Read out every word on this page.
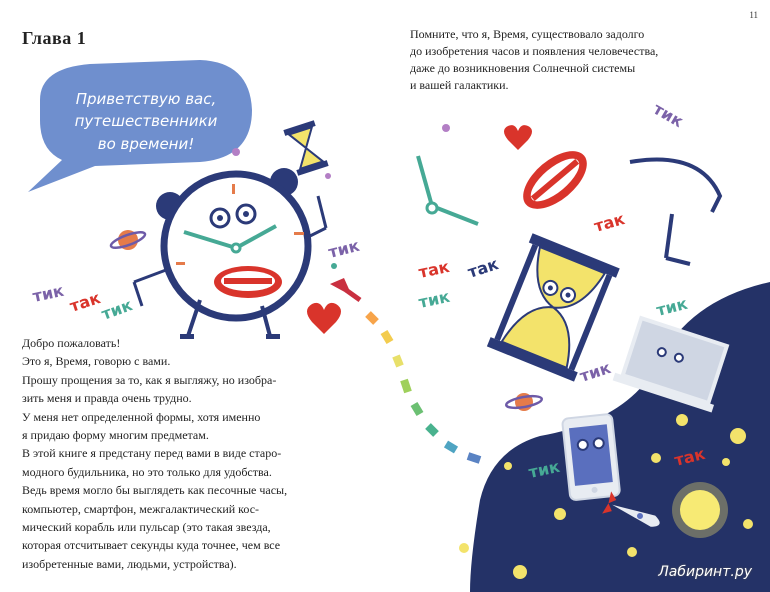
11
Глава 1	Помните, что я, Время, существовало задолго
до изобретения часов и появления человечества,
даже до возникновения Солнечной системы
и вашей галактики.
Приветствую вас,
путешественники
во времени!
тик
тик так
тик
тик
так
так так
тик	тик
тик
тик	так
Добро пожаловать!
Это я, Время, говорю с вами.
Прошу прощения за то, как я выгляжу, но изобра-
зить меня и правда очень трудно.
У меня нет определенной формы, хотя именно
я придаю форму многим предметам.
В этой книге я предстану перед вами в виде старо-
модного будильника, но это только для удобства.
Ведь время могло бы выглядеть как песочные часы,
компьютер, смартфон, межгалактический кос-
мический корабль или пульсар (это такая звезда,
которая отсчитывает секунды куда точнее, чем все
изобретенные вами, людьми, устройства).
Лабиринт.ру
